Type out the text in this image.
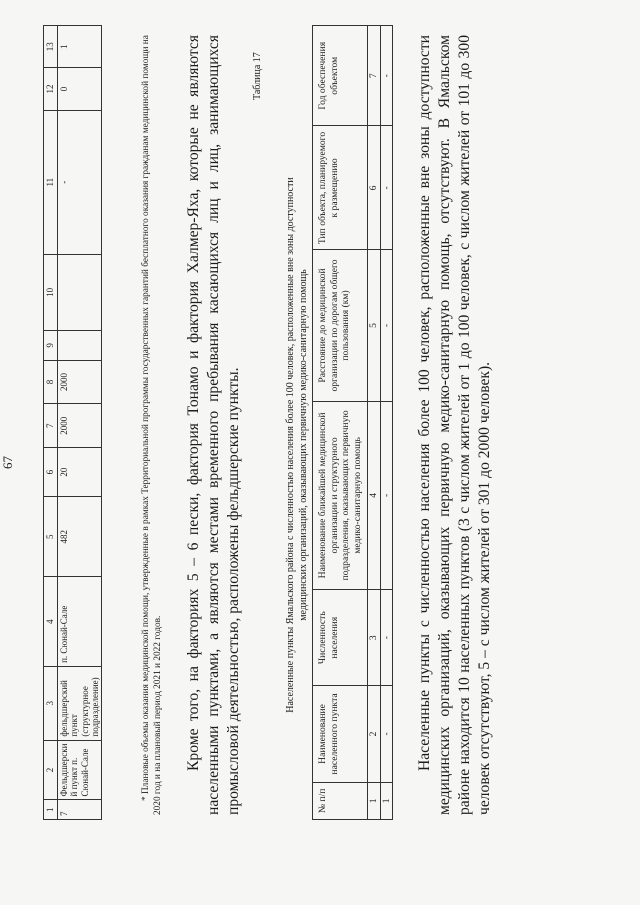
67
1	2	3	4	5	6	7	8	9	10	11	12	13
7	Фельдшерски й пункт п. Сюнай-Сале	фельдшерский пункт (структурное подразделение)	п. Сюнай-Сале	482	20	2000	2000			-	0	1	* Плановые объемы оказания медицинской помощи, утвержденные в рамках Территориальной программы государственных гарантий бесплатного оказания гражданам медицинской помощи на 2020 год и на плановый период 2021 и 2022 годов. Кроме того, на факториях 5 – 6 пески, фактория Тонамо и фактория Халмер-Яха, которые не являются населенными пунктами, а являются местами временного пребывания касающихся лиц и лиц, занимающихся промысловой деятельностью, расположены фельдшерские пункты.
Таблица 17
Населенные пункты Ямальского района с численностью населения более 100 человек, расположенные вне зоны доступности медицинских организаций, оказывающих первичную медико-санитарную помощь
№ п/п	Наименование населенного пункта	Численность населения	Наименование ближайшей медицинской организации и структурного подразделения, оказывающих первичную медико-санитарную помощь	Расстояние до медицинской организации по дорогам общего пользования (км)	Тип объекта, планируемого к размещению	Год обеспечения объектом
1	2	3	4	5	6	7
1	-	-	-	-	-	- Населенные пункты с численностью населения более 100 человек, расположенные вне зоны доступности медицинских организаций, оказывающих первичную медико-санитарную помощь, отсутствуют. В Ямальском районе находится 10 населенных пунктов (3 с числом жителей от 1 до 100 человек, с числом жителей от 101 до 300 человек отсутствуют, 5 – с числом жителей от 301 до 2000 человек).
